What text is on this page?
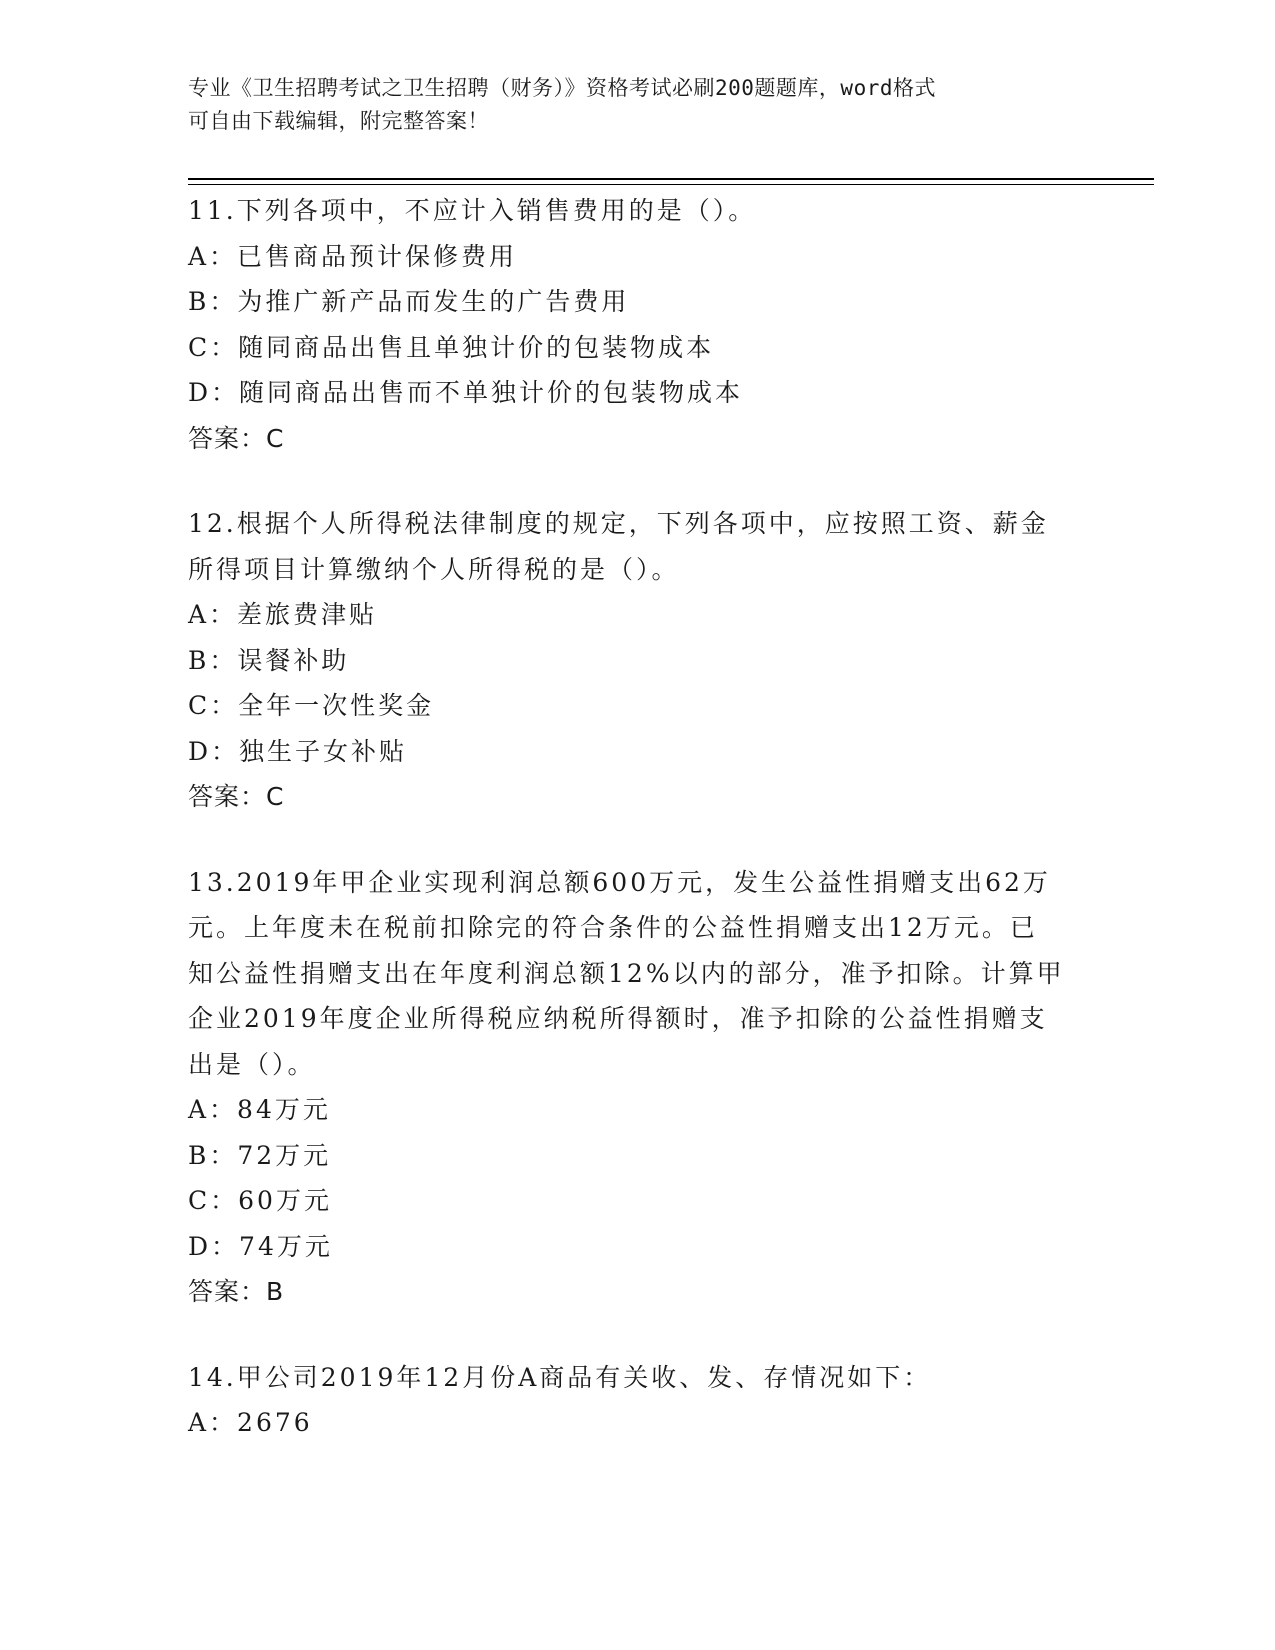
专业《卫生招聘考试之卫生招聘（财务）》资格考试必刷200题题库，word格式
可自由下载编辑，附完整答案！
11.下列各项中，不应计入销售费用的是（）。
A：已售商品预计保修费用
B：为推广新产品而发生的广告费用
C：随同商品出售且单独计价的包装物成本
D：随同商品出售而不单独计价的包装物成本
答案：C
12.根据个人所得税法律制度的规定，下列各项中，应按照工资、薪金
所得项目计算缴纳个人所得税的是（）。
A：差旅费津贴
B：误餐补助
C：全年一次性奖金
D：独生子女补贴
答案：C
13.2019年甲企业实现利润总额600万元，发生公益性捐赠支出62万
元。上年度未在税前扣除完的符合条件的公益性捐赠支出12万元。已
知公益性捐赠支出在年度利润总额12%以内的部分，准予扣除。计算甲
企业2019年度企业所得税应纳税所得额时，准予扣除的公益性捐赠支
出是（）。
A：84万元
B：72万元
C：60万元
D：74万元
答案：B
14.甲公司2019年12月份A商品有关收、发、存情况如下：
A：2676
